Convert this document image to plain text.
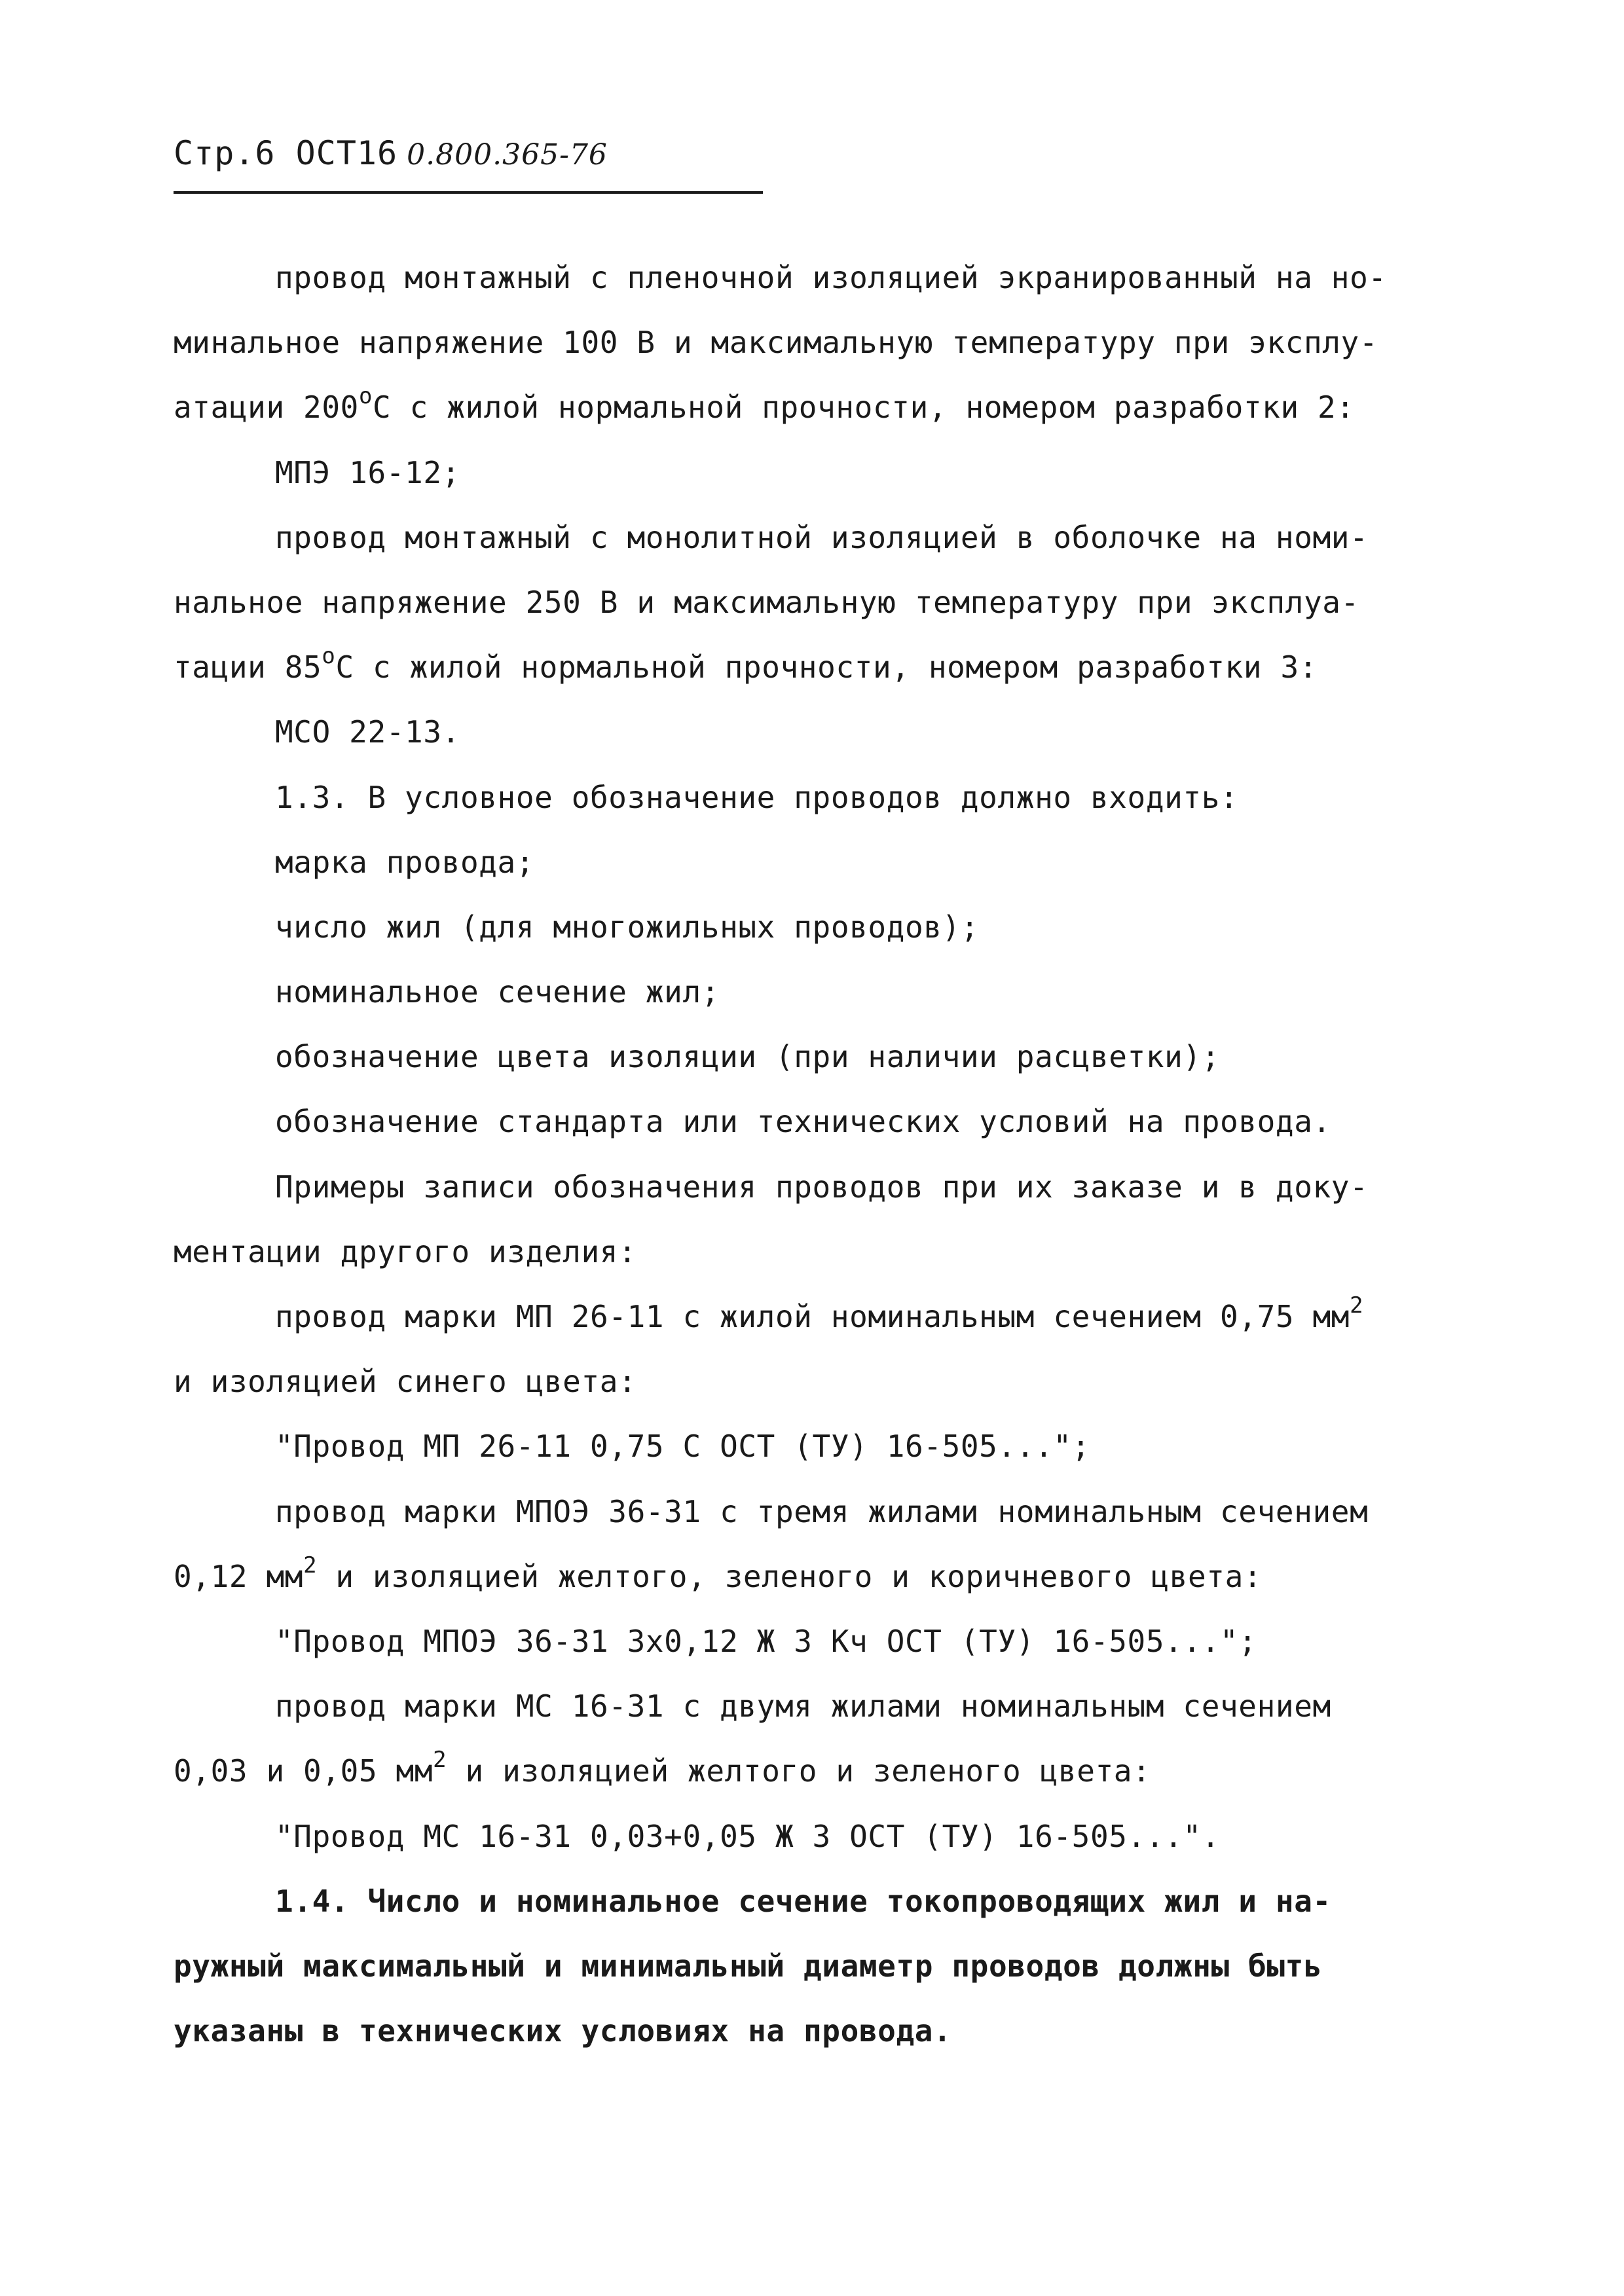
Стр.6 ОСТ16 0.800.365-76
провод монтажный с пленочной изоляцией экранированный на но-
минальное напряжение 100 В и максимальную температуру при эксплу-
атации $200^оС$ с жилой нормальной прочности, номером разработки 2:
МПЭ 16-12;
провод монтажный с монолитной изоляцией в оболочке на номи-
нальное напряжение 250 В и максимальную температуру при эксплуа-
тации $85^оС$ с жилой нормальной прочности, номером разработки 3:
МСО 22-13.
1.3. В условное обозначение проводов должно входить:
марка провода;
число жил (для многожильных проводов);
номинальное сечение жил;
обозначение цвета изоляции (при наличии расцветки);
обозначение стандарта или технических условий на провода.
Примеры записи обозначения проводов при их заказе и в доку-
ментации другого изделия:
провод марки МП 26-11 с жилой номинальным сечением 0,75 $мм^2$
и изоляцией синего цвета:
"Провод МП 26-11 0,75 С ОСТ (ТУ) 16-505...";
провод марки МПОЭ 36-31 с тремя жилами номинальным сечением
0,12 $мм^2$ и изоляцией желтого, зеленого и коричневого цвета:
"Провод МПОЭ 36-31 3х0,12 Ж З Кч ОСТ (ТУ) 16-505...";
провод марки МС 16-31 с двумя жилами номинальным сечением
0,03 и 0,05 $мм^2$ и изоляцией желтого и зеленого цвета:
"Провод МС 16-31 0,03+0,05 Ж З ОСТ (ТУ) 16-505...".
1.4. Число и номинальное сечение токопроводящих жил и на-
ружный максимальный и минимальный диаметр проводов должны быть
указаны в технических условиях на провода.
